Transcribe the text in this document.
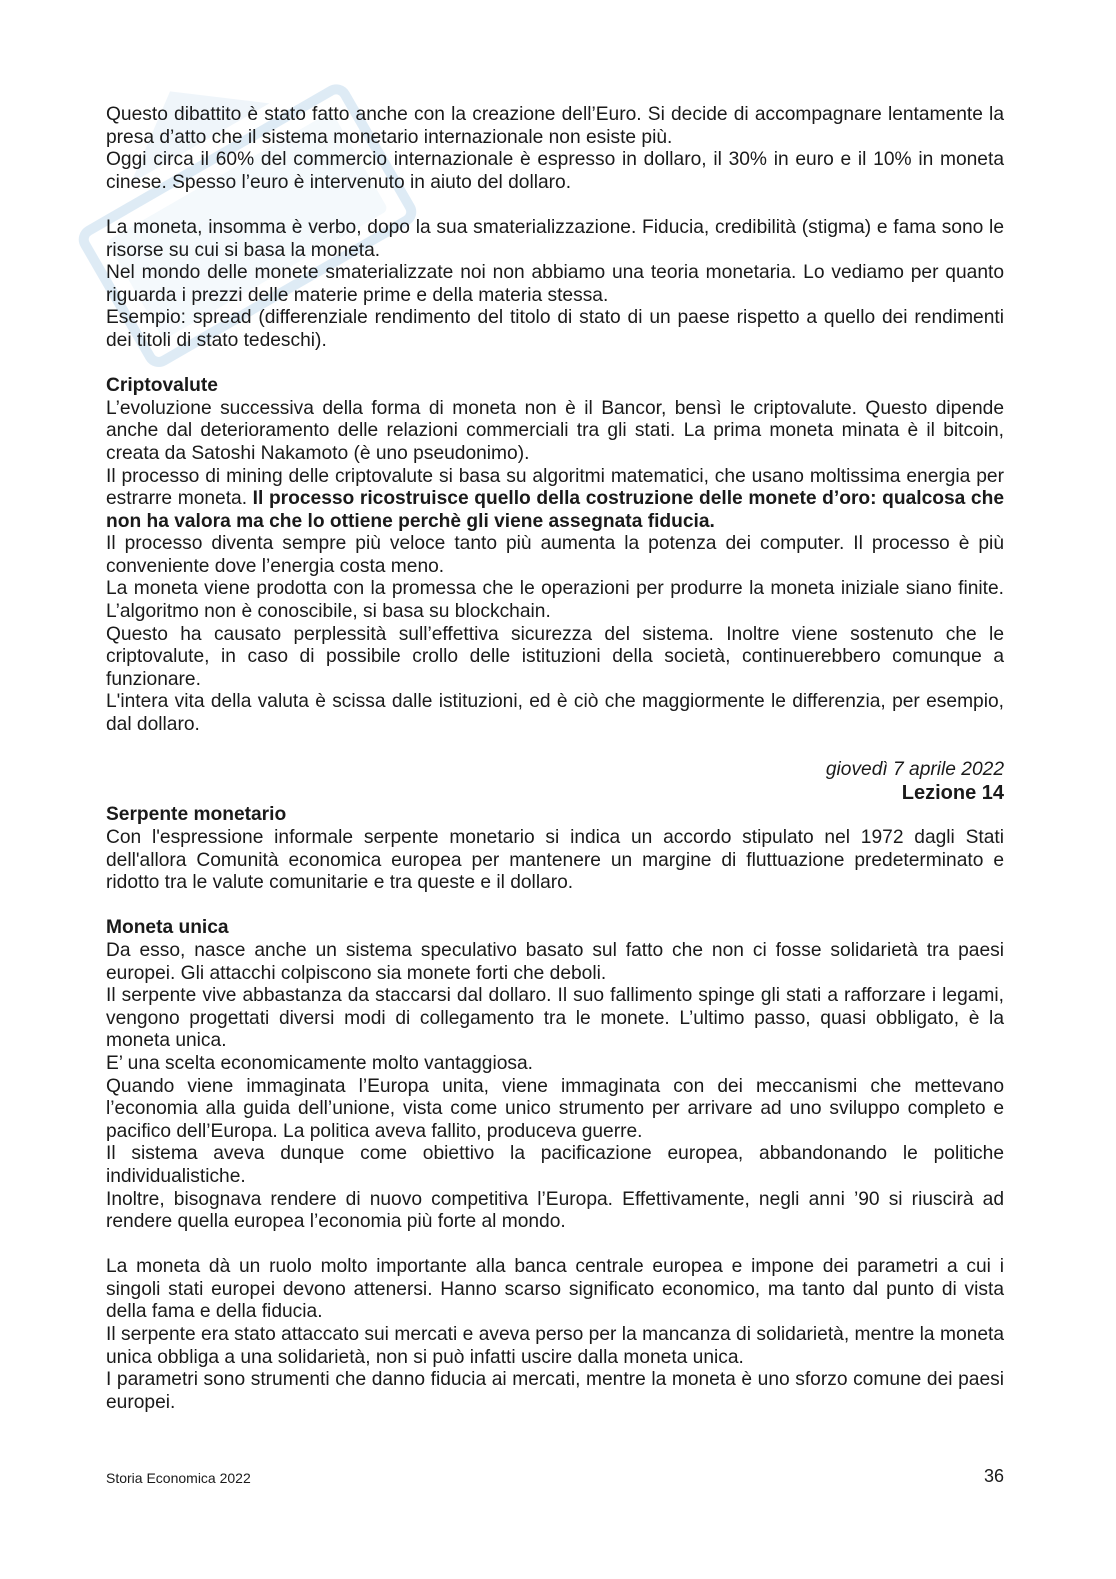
Questo dibattito è stato fatto anche con la creazione dell’Euro. Si decide di accompagnare lentamente la presa d’atto che il sistema monetario internazionale non esiste più.

Oggi circa il 60% del commercio internazionale è espresso in dollaro, il 30% in euro e il 10% in moneta cinese. Spesso l’euro è intervenuto in aiuto del dollaro.

La moneta, insomma è verbo, dopo la sua smaterializzazione. Fiducia, credibilità (stigma) e fama sono le risorse su cui si basa la moneta.

Nel mondo delle monete smaterializzate noi non abbiamo una teoria monetaria. Lo vediamo per quanto riguarda i prezzi delle materie prime e della materia stessa.

Esempio: spread (differenziale rendimento del titolo di stato di un paese rispetto a quello dei rendimenti dei titoli di stato tedeschi).

Criptovalute

L’evoluzione successiva della forma di moneta non è il Bancor, bensì le criptovalute. Questo dipende anche dal deterioramento delle relazioni commerciali tra gli stati. La prima moneta minata è il bitcoin, creata da Satoshi Nakamoto (è uno pseudonimo).

Il processo di mining delle criptovalute si basa su algoritmi matematici, che usano moltissima energia per estrarre moneta. Il processo ricostruisce quello della costruzione delle monete d’oro: qualcosa che non ha valora ma che lo ottiene perchè gli viene assegnata fiducia.

Il processo diventa sempre più veloce tanto più aumenta la potenza dei computer. Il processo è più conveniente dove l’energia costa meno.

La moneta viene prodotta con la promessa che le operazioni per produrre la moneta iniziale siano finite. L’algoritmo non è conoscibile, si basa su blockchain.

Questo ha causato perplessità sull’effettiva sicurezza del sistema. Inoltre viene sostenuto che le criptovalute, in caso di possibile crollo delle istituzioni della società, continuerebbero comunque a funzionare.

L'intera vita della valuta è scissa dalle istituzioni, ed è ciò che maggiormente le differenzia, per esempio, dal dollaro.

giovedì 7 aprile 2022

Lezione 14

Serpente monetario

Con l'espressione informale serpente monetario si indica un accordo stipulato nel 1972 dagli Stati dell'allora Comunità economica europea per mantenere un margine di fluttuazione predeterminato e ridotto tra le valute comunitarie e tra queste e il dollaro.

Moneta unica

Da esso, nasce anche un sistema speculativo basato sul fatto che non ci fosse solidarietà tra paesi europei. Gli attacchi colpiscono sia monete forti che deboli.

Il serpente vive abbastanza da staccarsi dal dollaro. Il suo fallimento spinge gli stati a rafforzare i legami, vengono progettati diversi modi di collegamento tra le monete. L’ultimo passo, quasi obbligato, è la moneta unica.

E’ una scelta economicamente molto vantaggiosa.

Quando viene immaginata l’Europa unita, viene immaginata con dei meccanismi che mettevano l’economia alla guida dell’unione, vista come unico strumento per arrivare ad uno sviluppo completo e pacifico dell’Europa. La politica aveva fallito, produceva guerre.

Il sistema aveva dunque come obiettivo la pacificazione europea, abbandonando le politiche individualistiche.

Inoltre, bisognava rendere di nuovo competitiva l’Europa. Effettivamente, negli anni ’90 si riuscirà ad rendere quella europea l’economia più forte al mondo.

La moneta dà un ruolo molto importante alla banca centrale europea e impone dei parametri a cui i singoli stati europei devono attenersi. Hanno scarso significato economico, ma tanto dal punto di vista della fama e della fiducia.

Il serpente era stato attaccato sui mercati e aveva perso per la mancanza di solidarietà, mentre la moneta unica obbliga a una solidarietà, non si può infatti uscire dalla moneta unica.

I parametri sono strumenti che danno fiducia ai mercati, mentre la moneta è uno sforzo comune dei paesi europei.

Storia Economica 2022	36
